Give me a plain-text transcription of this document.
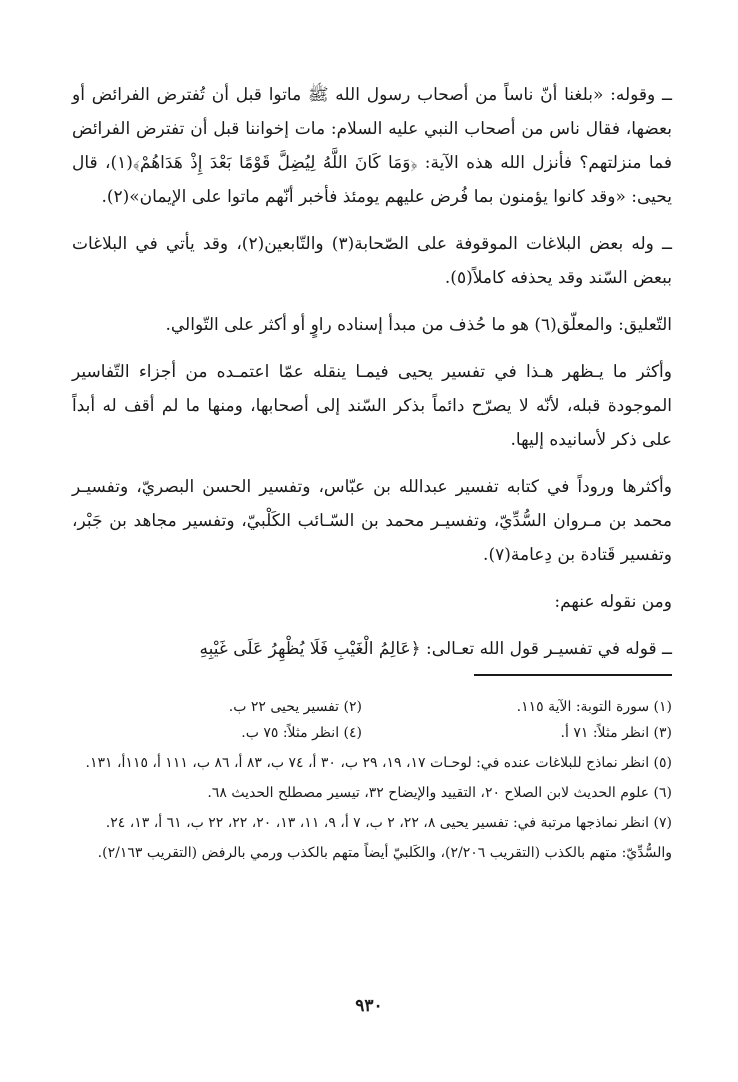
ــ وقوله: «بلغنا أنّ ناساً من أصحاب رسول الله ﷺ ماتوا قبل أن تُفترض الفرائض أو بعضها، فقال ناس من أصحاب النبي عليه السلام: مات إخواننا قبل أن تفترض الفرائض فما منزلتهم؟ فأنزل الله هذه الآية: ﴿وَمَا كَانَ اللَّهُ لِيُضِلَّ قَوْمًا بَعْدَ إِذْ هَدَاهُمْ﴾(١)، قال يحيى: «وقد كانوا يؤمنون بما فُرض عليهم يومئذ فأخبر أنّهم ماتوا على الإيمان»(٢).

ــ وله بعض البلاغات الموقوفة على الصّحابة(٣) والتّابعين(٢)، وقد يأتي في البلاغات ببعض السّند وقد يحذفه كاملاً(٥).

التّعليق: والمعلّق(٦) هو ما حُذف من مبدأ إسناده راوٍ أو أكثر على التّوالي.

وأكثر ما يـظهر هـذا في تفسير يحيى فيمـا ينقله عمّا اعتمـده من أجزاء التّفاسير الموجودة قبله، لأنّه لا يصرّح دائماً بذكر السّند إلى أصحابها، ومنها ما لم أقف له أبداً على ذكر لأسانيده إليها.

وأكثرها وروداً في كتابه تفسير عبدالله بن عبّاس، وتفسير الحسن البصريّ، وتفسيـر محمد بن مـروان السُّدِّيّ، وتفسيـر محمد بن السّـائب الكَلْبيّ، وتفسير مجاهد بن جَبْر، وتفسير قَتادة بن دِعامة(٧).

ومن نقوله عنهم:

ــ قوله في تفسيـر قول الله تعـالى: ﴿عَالِمُ الْغَيْبِ فَلَا يُظْهِرُ عَلَى غَيْبِهِ

(١) سورة التوبة: الآية ١١٥.
(٢) تفسير يحيى ٢٢ ب.
(٣) انظر مثلاً: ٧١ أ.
(٤) انظر مثلاً: ٧٥ ب.

(٥) انظر نماذج للبلاغات عنده في: لوحـات ١٧، ١٩، ٢٩ ب، ٣٠ أ، ٧٤ ب، ٨٣ أ، ٨٦ ب، ١١١ أ، ١١٥أ، ١٣١.

(٦) علوم الحديث لابن الصلاح ٢٠، التقييد والإيضاح ٣٢، تيسير مصطلح الحديث ٦٨.

(٧) انظر نماذجها مرتبة في: تفسير يحيى ٨، ٢٢، ٢ ب، ٧ أ، ٩، ١١، ١٣، ٢٠، ٢٢، ٢٢ ب، ٦١ أ، ١٣، ٢٤.

والسُّدِّيّ: متهم بالكذب (التقريب ٢/٢٠٦)، والكَلبيّ أيضاً متهم بالكذب ورمي بالرفض (التقريب ٢/١٦٣).

٩٣٠
